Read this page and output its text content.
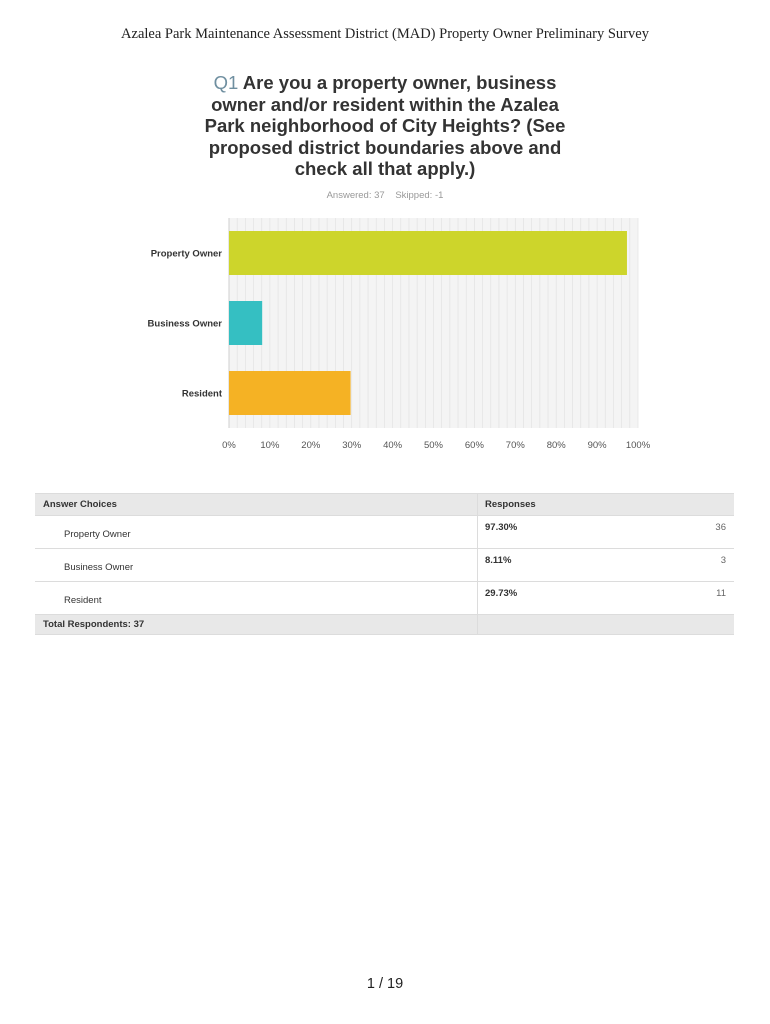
Azalea Park Maintenance Assessment District (MAD) Property Owner Preliminary Survey
Q1 Are you a property owner, business owner and/or resident within the Azalea Park neighborhood of City Heights? (See proposed district boundaries above and check all that apply.)
Answered: 37 Skipped: -1
Property Owner
Business Owner
Resident
0%	10% 20% 30% 40% 50% 60% 70% 80% 90% 100%
Answer Choices	Responses	
Property Owner	97.30%	36
Business Owner	8.11%	3
Resident	29.73%	11
Total Respondents: 37		
1 / 19
